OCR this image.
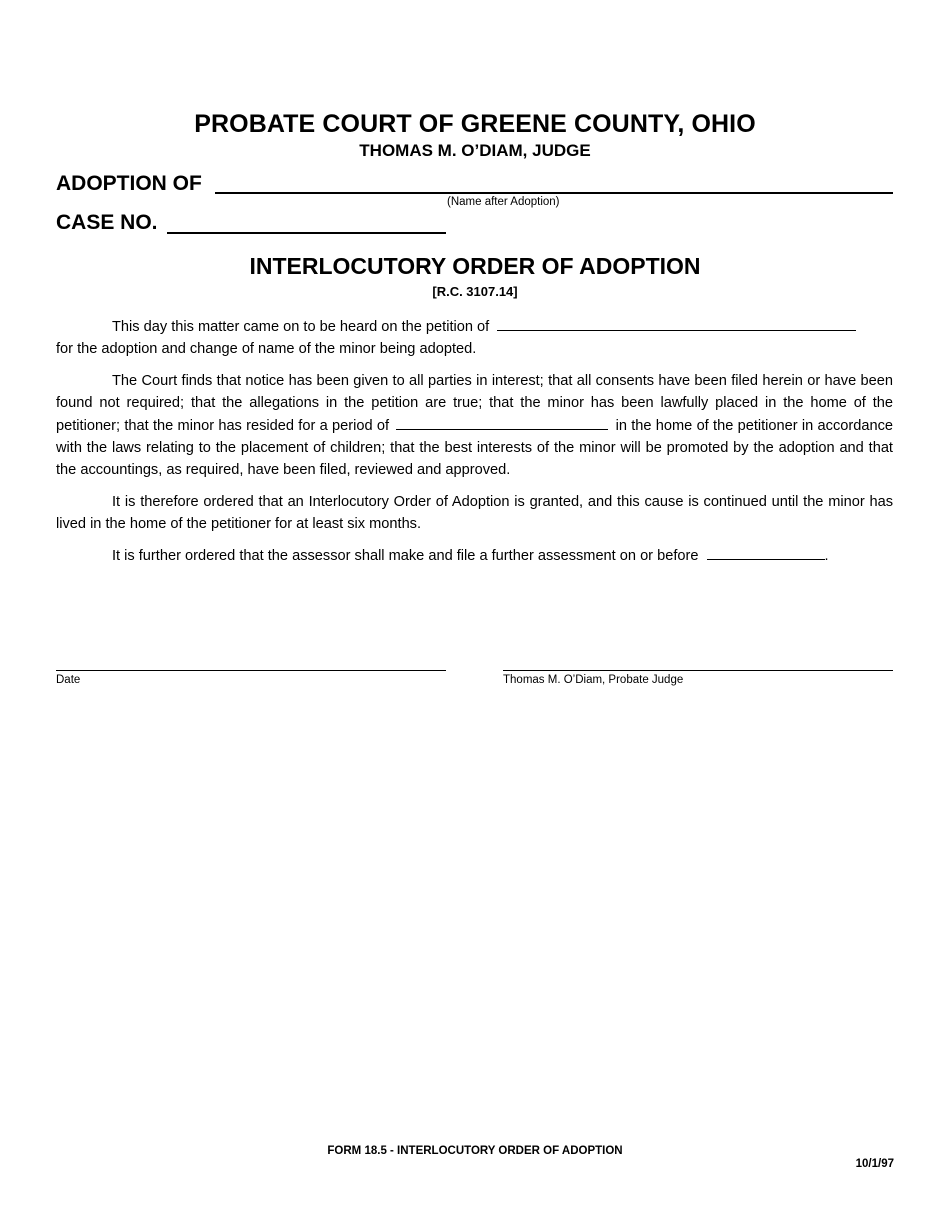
PROBATE COURT OF GREENE COUNTY, OHIO
THOMAS M. O’DIAM, JUDGE
ADOPTION OF
(Name after Adoption)
CASE NO.
INTERLOCUTORY ORDER OF ADOPTION
[R.C. 3107.14]

This day this matter came on to be heard on the petition of

for the adoption and change of name of the minor being adopted.

The Court finds that notice has been given to all parties in interest; that all consents have been filed herein or have been found not required; that the allegations in the petition are true; that the minor has been lawfully placed in the home of the petitioner; that the minor has resided for a period of	in the home of the petitioner in accordance with the laws relating to the placement of children; that the best interests of the minor will be promoted by the adoption and that the accountings, as required, have been filed, reviewed and approved.

It is therefore ordered that an Interlocutory Order of Adoption is granted, and this cause is continued until the minor has lived in the home of the petitioner for at least six months.

It is further ordered that the assessor shall make and file a further assessment on or before	.

Date	Thomas M. O’Diam, Probate Judge
FORM 18.5 - INTERLOCUTORY ORDER OF ADOPTION
10/1/97
